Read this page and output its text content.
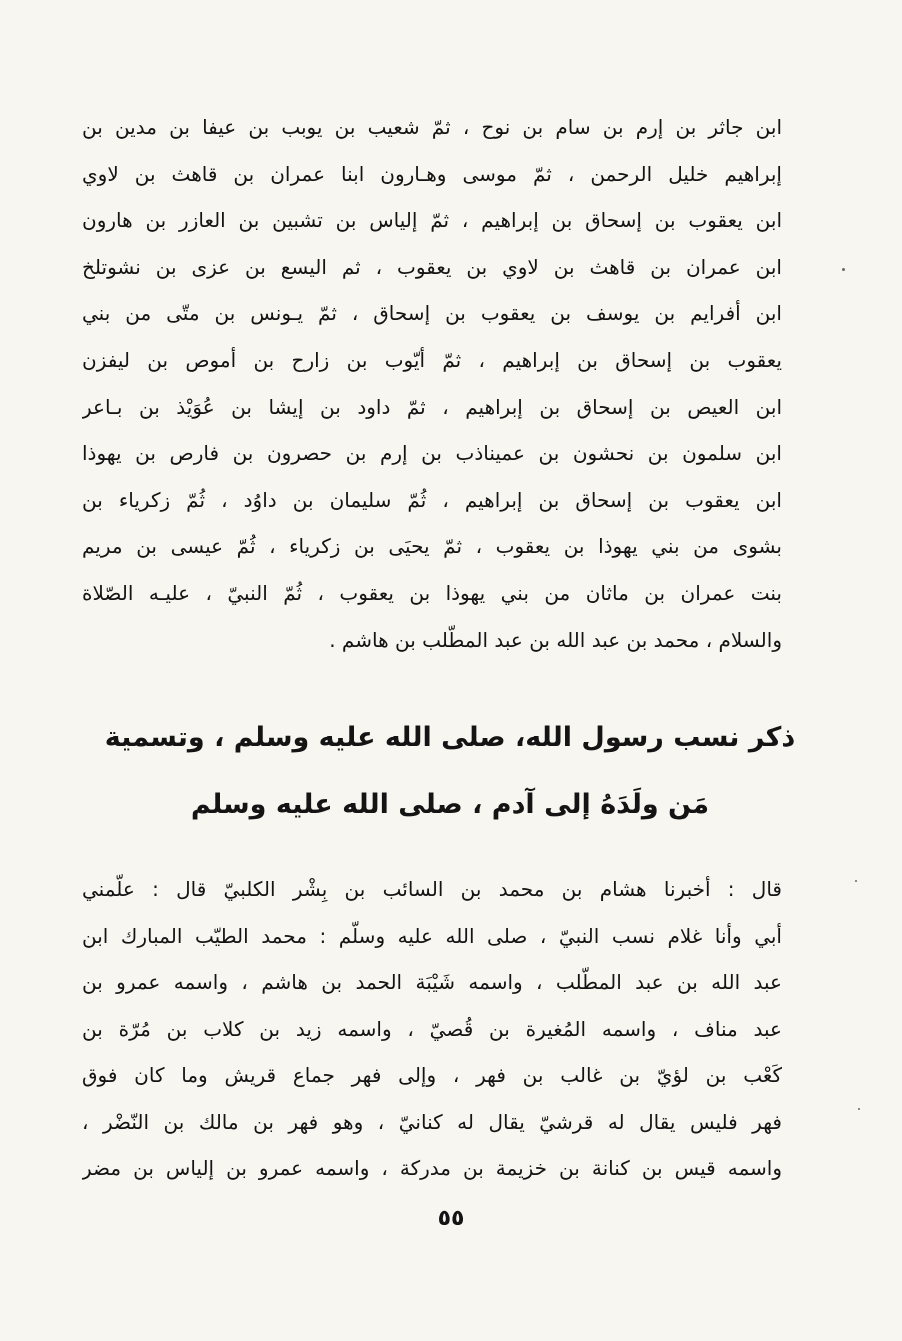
ابن جاثر بن إرم بن سام بن نوح ، ثمّ شعيب بن يوبب بن عيفا بن مدين بن
إبراهيم خليل الرحمن ، ثمّ موسى وهـارون ابنا عمران بن قاهث بن لاوي
ابن يعقوب بن إسحاق بن إبراهيم ، ثمّ إلياس بن تشبين بن العازر بن هارون
ابن عمران بن قاهث بن لاوي بن يعقوب ، ثم اليسع بن عزى بن نشوتلخ
ابن أفرايم بن يوسف بن يعقوب بن إسحاق ، ثمّ يـونس بن متّى من بني
يعقوب بن إسحاق بن إبراهيم ، ثمّ أيّوب بن زارح بن أموص بن ليفزن
ابن العيص بن إسحاق بن إبراهيم ، ثمّ داود بن إيشا بن عُوَيْذ بن بـاعر
ابن سلمون بن نحشون بن عميناذب بن إرم بن حصرون بن فارص بن يهوذا
ابن يعقوب بن إسحاق بن إبراهيم ، ثُمّ سليمان بن داوُد ، ثُمّ زكرياء بن
بشوى من بني يهوذا بن يعقوب ، ثمّ يحيَى بن زكرياء ، ثُمّ عيسى بن مريم
بنت عمران بن ماثان من بني يهوذا بن يعقوب ، ثُمّ النبيّ ، عليـه الصّلاة
والسلام ، محمد بن عبد الله بن عبد المطّلب بن هاشم .
ذكر نسب رسول الله، صلى الله عليه وسلم ، وتسمية
مَن ولَدَهُ إلى آدم ، صلى الله عليه وسلم
قال : أخبرنا هشام بن محمد بن السائب بن بِشْر الكلبيّ قال : علّمني
أبي وأنا غلام نسب النبيّ ، صلى الله عليه وسلّم : محمد الطيّب المبارك ابن
عبد الله بن عبد المطّلب ، واسمه شَيْبَة الحمد بن هاشم ، واسمه عمرو بن
عبد مناف ، واسمه المُغيرة بن قُصيّ ، واسمه زيد بن كلاب بن مُرّة بن
كَعْب بن لؤيّ بن غالب بن فهر ، وإلى فهر جماع قريش وما كان فوق
فهر فليس يقال له قرشيّ يقال له كنانيّ ، وهو فهر بن مالك بن النّضْر ،
واسمه قيس بن كنانة بن خزيمة بن مدركة ، واسمه عمرو بن إلياس بن مضر
٥٥
